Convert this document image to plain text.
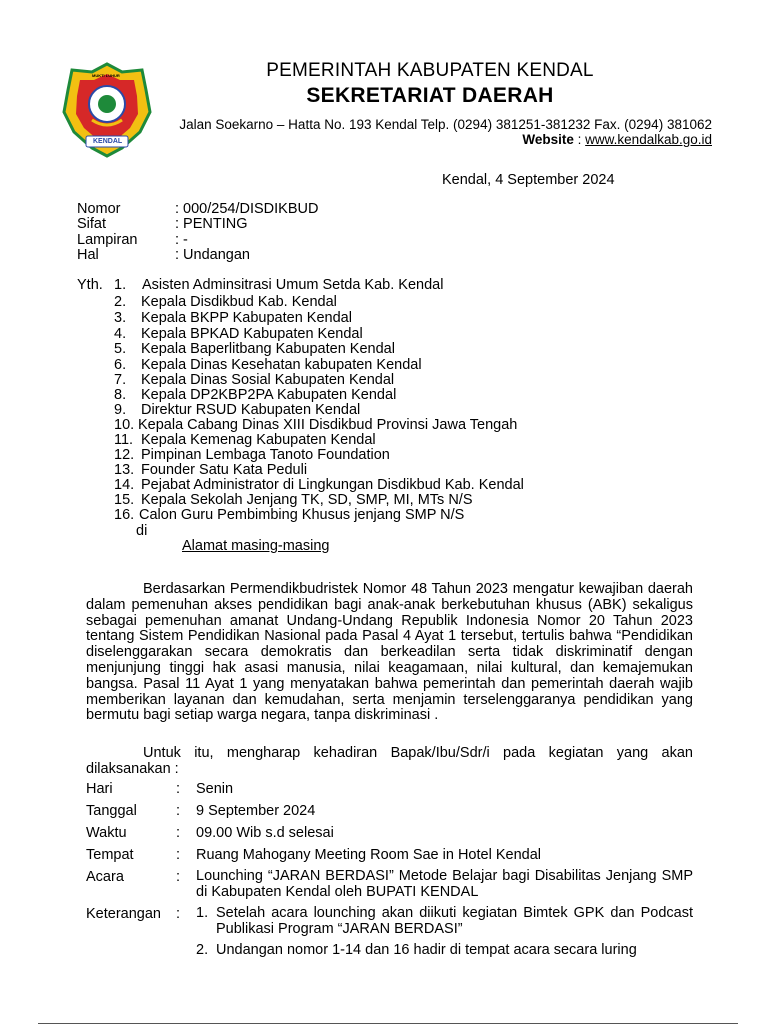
MUKTI LUHUR
KENDAL
PEMERINTAH KABUPATEN KENDAL
SEKRETARIAT DAERAH
Jalan Soekarno – Hatta No. 193 Kendal Telp. (0294) 381251-381232 Fax. (0294) 381062
Website : www.kendalkab.go.id
Kendal, 4 September 2024
Nomor	: 000/254/DISDIKBUD
Sifat	: PENTING
Lampiran	: -
Hal	: Undangan
Yth. 1. Asisten Adminsitrasi Umum Setda Kab. Kendal
2. Kepala Disdikbud Kab. Kendal
3. Kepala BKPP Kabupaten Kendal
4. Kepala BPKAD Kabupaten Kendal
5. Kepala Baperlitbang Kabupaten Kendal
6. Kepala Dinas Kesehatan kabupaten Kendal
7. Kepala Dinas Sosial Kabupaten Kendal
8. Kepala DP2KBP2PA Kabupaten Kendal
9. Direktur RSUD Kabupaten Kendal
10. Kepala Cabang Dinas XIII Disdikbud Provinsi Jawa Tengah
11. Kepala Kemenag Kabupaten Kendal
12. Pimpinan Lembaga Tanoto Foundation
13. Founder Satu Kata Peduli
14. Pejabat Administrator di Lingkungan Disdikbud Kab. Kendal
15. Kepala Sekolah Jenjang TK, SD, SMP, MI, MTs N/S
16. Calon Guru Pembimbing Khusus jenjang SMP N/S
di
Alamat masing-masing

Berdasarkan Permendikbudristek Nomor 48 Tahun 2023 mengatur kewajiban daerah dalam pemenuhan akses pendidikan bagi anak-anak berkebutuhan khusus (ABK) sekaligus sebagai pemenuhan amanat Undang-Undang Republik Indonesia Nomor 20 Tahun 2023 tentang Sistem Pendidikan Nasional pada Pasal 4 Ayat 1 tersebut, tertulis bahwa “Pendidikan diselenggarakan secara demokratis dan berkeadilan serta tidak diskriminatif dengan menjunjung tinggi hak asasi manusia, nilai keagamaan, nilai kultural, dan kemajemukan bangsa. Pasal 11 Ayat 1 yang menyatakan bahwa pemerintah dan pemerintah daerah wajib memberikan layanan dan kemudahan, serta menjamin terselenggaranya pendidikan yang bermutu bagi setiap warga negara, tanpa diskriminasi .

Untuk itu, mengharap kehadiran Bapak/Ibu/Sdr/i pada kegiatan yang akan dilaksanakan :

Hari	: Senin
Tanggal	: 9 September 2024
Waktu	: 09.00 Wib s.d selesai
Tempat	: Ruang Mahogany Meeting Room Sae in Hotel Kendal
Acara	: Lounching “JARAN BERDASI” Metode Belajar bagi Disabilitas Jenjang SMP di Kabupaten Kendal oleh BUPATI KENDAL
Keterangan : 1. Setelah acara lounching akan diikuti kegiatan Bimtek GPK dan Podcast Publikasi Program “JARAN BERDASI”
2. Undangan nomor 1-14 dan 16 hadir di tempat acara secara luring
